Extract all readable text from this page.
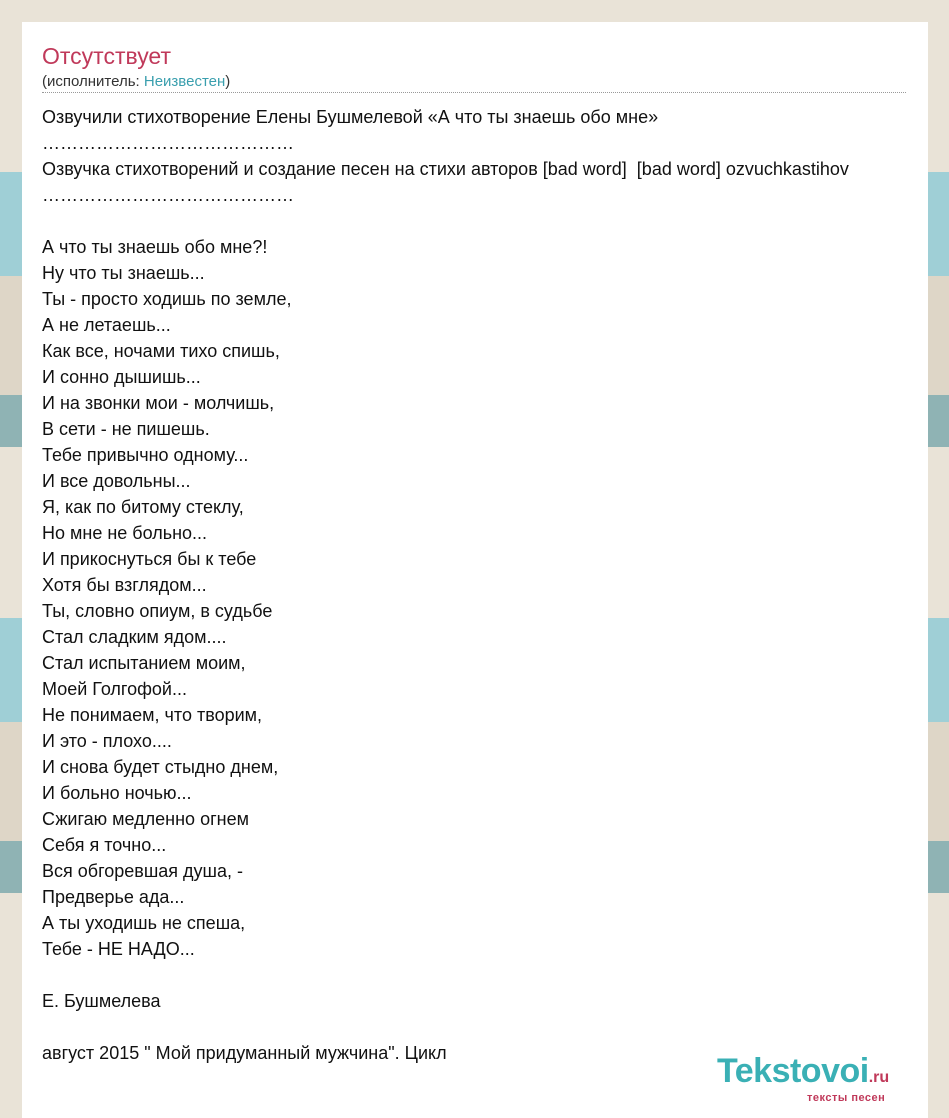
Отсутствует
(исполнитель: Неизвестен)
Озвучили стихотворение Елены Бушмелевой «А что ты знаешь обо мне»
……………………………………
Озвучка стихотворений и создание песен на стихи авторов [bad word]  [bad word] ozvuchkastihov
……………………………………

А что ты знаешь обо мне?!
Ну что ты знаешь...
Ты - просто ходишь по земле,
А не летаешь...
Как все, ночами тихо спишь,
И сонно дышишь...
И на звонки мои - молчишь,
В сети - не пишешь.
Тебе привычно одному...
И все довольны...
Я, как по битому стеклу,
Но мне не больно...
И прикоснуться бы к тебе
Хотя бы взглядом...
Ты, словно опиум, в судьбе
Стал сладким ядом....
Стал испытанием моим,
Моей Голгофой...
Не понимаем, что творим,
И это - плохо....
И снова будет стыдно днем,
И больно ночью...
Сжигаю медленно огнем
Себя я точно...
Вся обгоревшая душа, -
Предверье ада...
А ты уходишь не спеша,
Тебе - НЕ НАДО...

Е. Бушмелева

август 2015 " Мой придуманный мужчина". Цикл	Tekstovoi.ru
тексты песен
